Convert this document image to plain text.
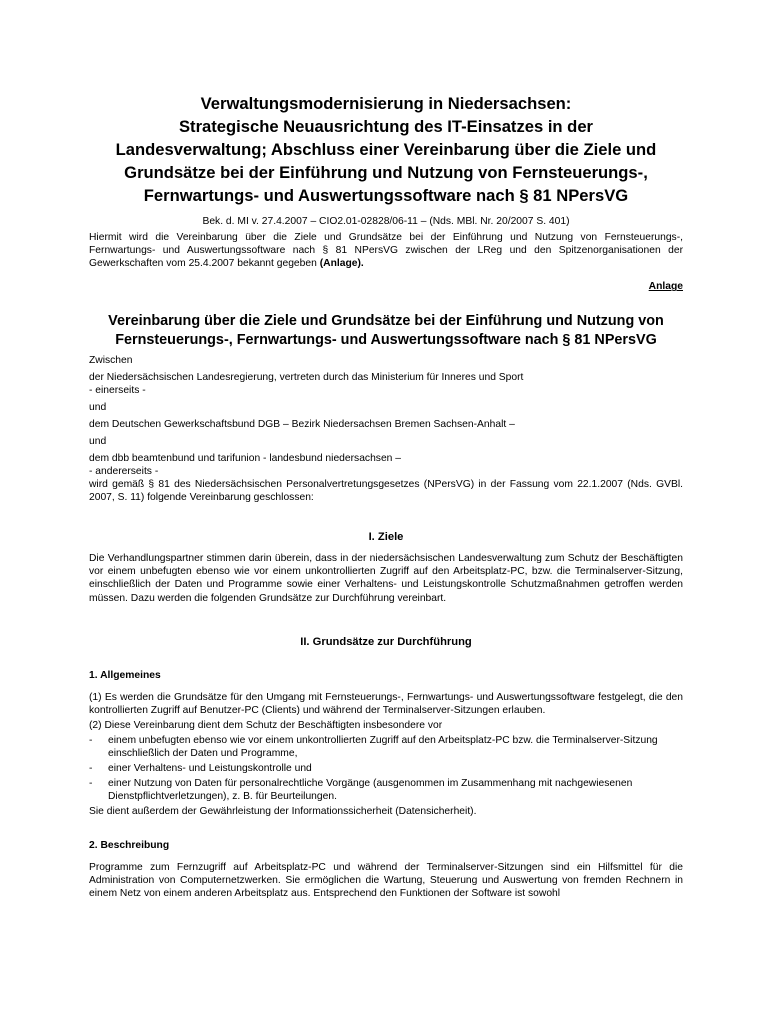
Verwaltungsmodernisierung in Niedersachsen:
Strategische Neuausrichtung des IT-Einsatzes in der
Landesverwaltung; Abschluss einer Vereinbarung über die Ziele und
Grundsätze bei der Einführung und Nutzung von Fernsteuerungs-,
Fernwartungs- und Auswertungssoftware nach § 81 NPersVG
Bek. d. MI v. 27.4.2007 – CIO2.01-02828/06-11 – (Nds. MBl. Nr. 20/2007 S. 401)

Hiermit wird die Vereinbarung über die Ziele und Grundsätze bei der Einführung und Nutzung von Fernsteuerungs-, Fernwartungs- und Auswertungssoftware nach § 81 NPersVG zwischen der LReg und den Spitzenorganisationen der Gewerkschaften vom 25.4.2007 bekannt gegeben (Anlage).

Anlage
Vereinbarung über die Ziele und Grundsätze bei der Einführung und Nutzung von
Fernsteuerungs-, Fernwartungs- und Auswertungssoftware nach § 81 NPersVG

Zwischen

der Niedersächsischen Landesregierung, vertreten durch das Ministerium für Inneres und Sport

- einerseits -

und

dem Deutschen Gewerkschaftsbund DGB – Bezirk Niedersachsen Bremen Sachsen-Anhalt –

und

dem dbb beamtenbund und tarifunion - landesbund niedersachsen –

- andererseits -

wird gemäß § 81 des Niedersächsischen Personalvertretungsgesetzes (NPersVG) in der Fassung vom 22.1.2007 (Nds. GVBl. 2007, S. 11) folgende Vereinbarung geschlossen:

I. Ziele

Die Verhandlungspartner stimmen darin überein, dass in der niedersächsischen Landesverwaltung zum Schutz der Beschäftigten vor einem unbefugten ebenso wie vor einem unkontrollierten Zugriff auf den Arbeitsplatz-PC, bzw. die Terminalserver-Sitzung, einschließlich der Daten und Programme sowie einer Verhaltens- und Leistungskontrolle Schutzmaßnahmen getroffen werden müssen. Dazu werden die folgenden Grundsätze zur Durchführung vereinbart.

II. Grundsätze zur Durchführung

1. Allgemeines

(1) Es werden die Grundsätze für den Umgang mit Fernsteuerungs-, Fernwartungs- und Auswertungssoftware festgelegt, die den kontrollierten Zugriff auf Benutzer-PC (Clients) und während der Terminalserver-Sitzungen erlauben.

(2) Diese Vereinbarung dient dem Schutz der Beschäftigten insbesondere vor

- einem unbefugten ebenso wie vor einem unkontrollierten Zugriff auf den Arbeitsplatz-PC bzw. die Terminalserver-Sitzung einschließlich der Daten und Programme,
- einer Verhaltens- und Leistungskontrolle und
- einer Nutzung von Daten für personalrechtliche Vorgänge (ausgenommen im Zusammenhang mit nachgewiesenen Dienstpflichtverletzungen), z. B. für Beurteilungen.

Sie dient außerdem der Gewährleistung der Informationssicherheit (Datensicherheit).

2. Beschreibung

Programme zum Fernzugriff auf Arbeitsplatz-PC und während der Terminalserver-Sitzungen sind ein Hilfsmittel für die Administration von Computernetzwerken. Sie ermöglichen die Wartung, Steuerung und Auswertung von fremden Rechnern in einem Netz von einem anderen Arbeitsplatz aus. Entsprechend den Funktionen der Software ist sowohl
